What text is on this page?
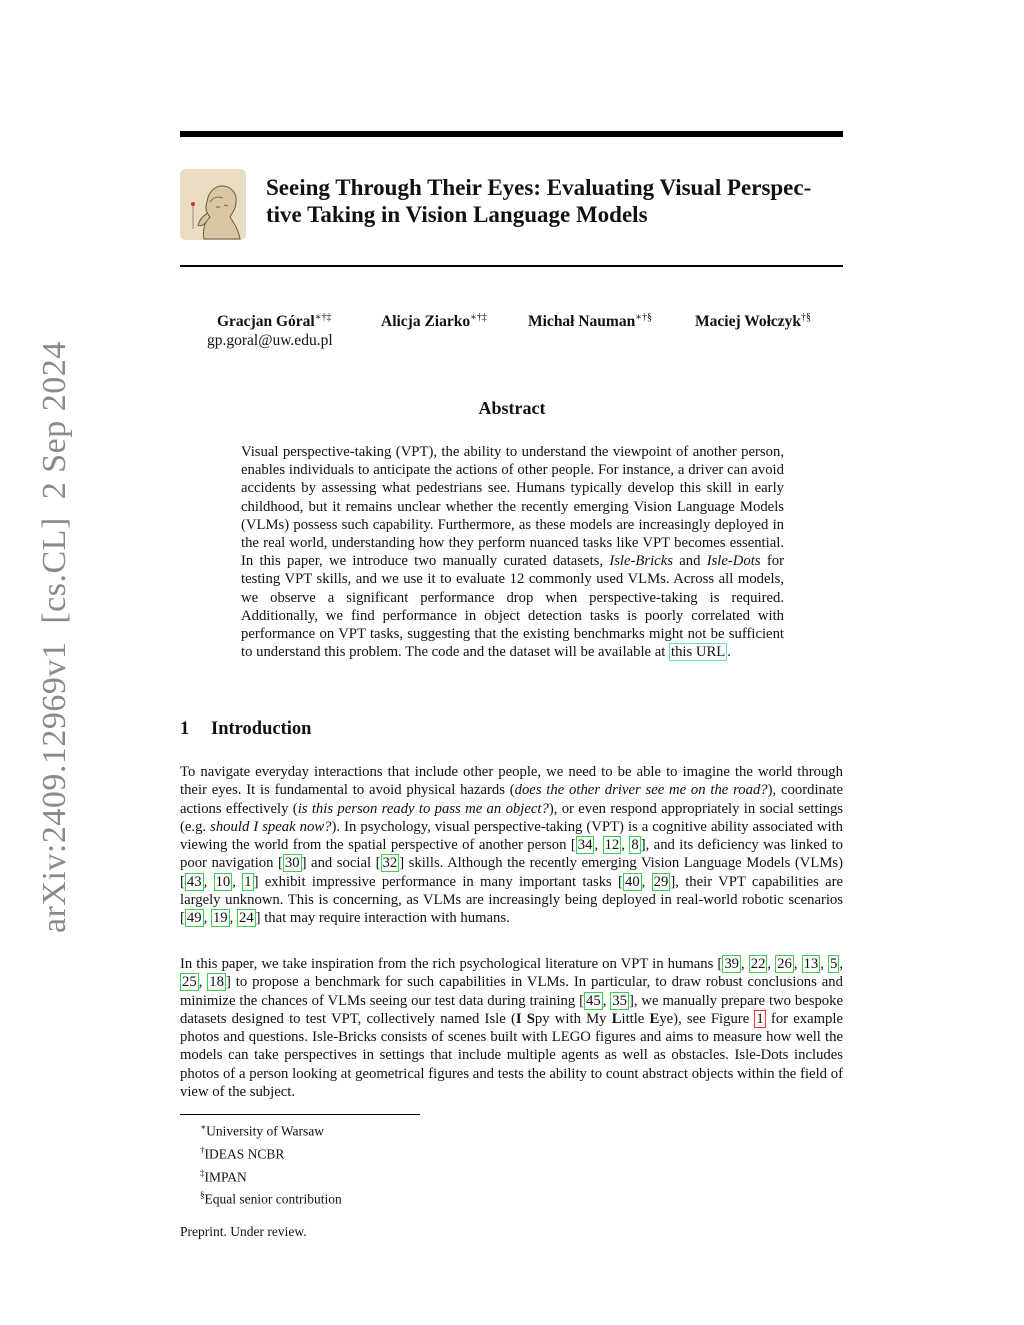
arXiv:2409.12969v1  [cs.CL]  2 Sep 2024
Seeing Through Their Eyes: Evaluating Visual Perspec-
tive Taking in Vision Language Models
Gracjan Góral∗†‡	Alicja Ziarko∗†‡	Michał Nauman∗†§	Maciej Wołczyk†§
gp.goral@uw.edu.pl
Abstract
Visual perspective-taking (VPT), the ability to understand the viewpoint of another person, enables individuals to anticipate the actions of other people. For instance, a driver can avoid accidents by assessing what pedestrians see. Humans typically develop this skill in early childhood, but it remains unclear whether the recently emerging Vision Language Models (VLMs) possess such capability. Furthermore, as these models are increasingly deployed in the real world, understanding how they perform nuanced tasks like VPT becomes essential. In this paper, we introduce two manually curated datasets, Isle-Bricks and Isle-Dots for testing VPT skills, and we use it to evaluate 12 commonly used VLMs. Across all models, we observe a significant performance drop when perspective-taking is required. Additionally, we find performance in object detection tasks is poorly correlated with performance on VPT tasks, suggesting that the existing benchmarks might not be sufficient to understand this problem. The code and the dataset will be available at this URL .
1 Introduction
To navigate everyday interactions that include other people, we need to be able to imagine the world through their eyes. It is fundamental to avoid physical hazards (does the other driver see me on the road?), coordinate actions effectively (is this person ready to pass me an object?), or even respond appropriately in social settings (e.g. should I speak now?). In psychology, visual perspective-taking (VPT) is a cognitive ability associated with viewing the world from the spatial perspective of another person [ 34 , 12 , 8 ], and its deficiency was linked to poor navigation [ 30 ] and social [ 32 ] skills. Although the recently emerging Vision Language Models (VLMs) [ 43 , 10 , 1 ] exhibit impressive performance in many important tasks [ 40 , 29 ], their VPT capabilities are largely unknown. This is concerning, as VLMs are increasingly being deployed in real-world robotic scenarios [ 49 , 19 , 24 ] that may require interaction with humans.
In this paper, we take inspiration from the rich psychological literature on VPT in humans [ 39 , 22 , 26 , 13 , 5 , 25 , 18 ] to propose a benchmark for such capabilities in VLMs. In particular, to draw robust conclusions and minimize the chances of VLMs seeing our test data during training [ 45 , 35 ], we manually prepare two bespoke datasets designed to test VPT, collectively named Isle (I Spy with My Little Eye), see Figure 1 for example photos and questions. Isle-Bricks consists of scenes built with LEGO figures and aims to measure how well the models can take perspectives in settings that include multiple agents as well as obstacles. Isle-Dots includes photos of a person looking at geometrical figures and tests the ability to count abstract objects within the field of view of the subject.
∗University of Warsaw
†IDEAS NCBR
‡IMPAN
§Equal senior contribution
Preprint. Under review.
